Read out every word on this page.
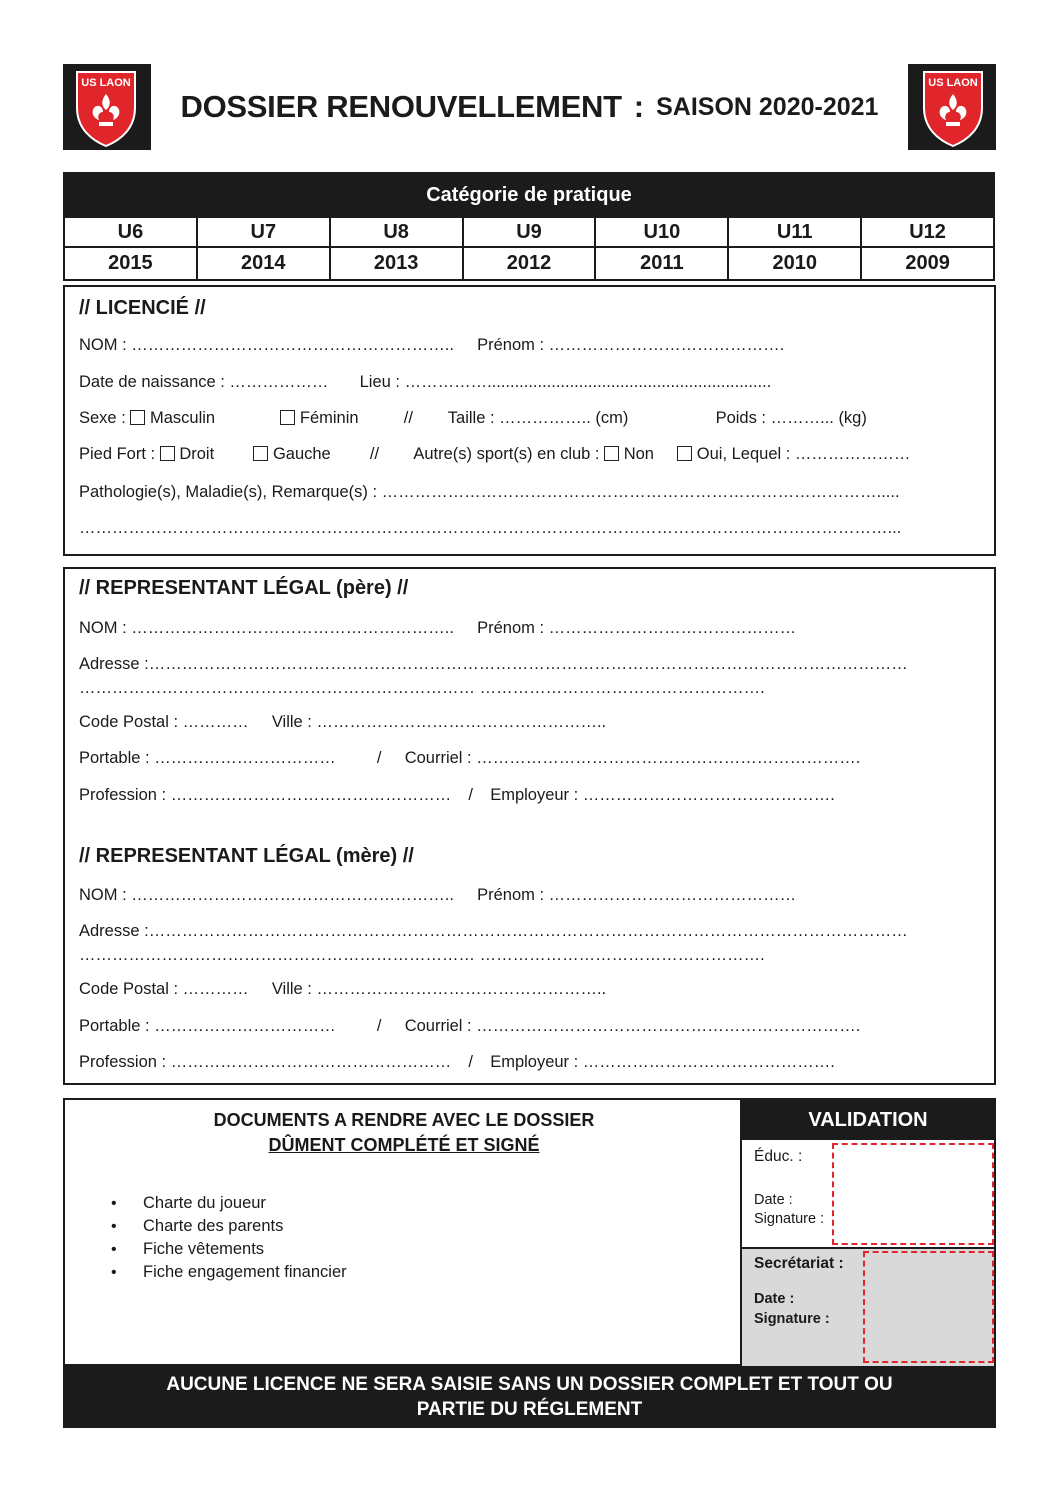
US LAON
DOSSIER RENOUVELLEMENT : SAISON 2020-2021
US LAON
Catégorie de pratique
U6	U7	U8	U9	U10	U11	U12
2015	2014	2013	2012	2011	2010	2009
// LICENCIÉ //
NOM : ………………………………………………….. Prénom : …………………………………….
Date de naissance : ……………… Lieu : ……………..............................................................
Sexe : Masculin	Féminin	// Taille : …………….. (cm)	Poids : ………... (kg)
Pied Fort : Droit	Gauche // Autre(s) sport(s) en club : Non	Oui, Lequel : …………………
Pathologie(s), Maladie(s), Remarque(s) : ……………………………………………………………………………….....
…………………………………………………………………………………………………………………………………...
// REPRESENTANT LÉGAL (père) //
NOM : ………………………………………………….. Prénom : ………………………………………
Adresse :…………………………………………………………………………………………………………………………
……………………………………………………………… …………………………………………….
Code Postal : ………… Ville : ……………………………………………..
Portable : …………………………… / Courriel : …………………………………………………………….
Profession : …………………………………………… / Employeur : ……………………………………….
// REPRESENTANT LÉGAL (mère) //
NOM : ………………………………………………….. Prénom : ………………………………………
Adresse :…………………………………………………………………………………………………………………………
……………………………………………………………… …………………………………………….
Code Postal : ………… Ville : ……………………………………………..
Portable : …………………………… / Courriel : …………………………………………………………….
Profession : …………………………………………… / Employeur : ……………………………………….
DOCUMENTS A RENDRE AVEC LE DOSSIER
DÛMENT COMPLÉTÉ ET SIGNÉ
• Charte du joueur
• Charte des parents
• Fiche vêtements
• Fiche engagement financier
VALIDATION
Éduc. :
Date :
Signature :
Secrétariat :
Date :
Signature :
AUCUNE LICENCE NE SERA SAISIE SANS UN DOSSIER COMPLET ET TOUT OU
PARTIE DU RÉGLEMENT
